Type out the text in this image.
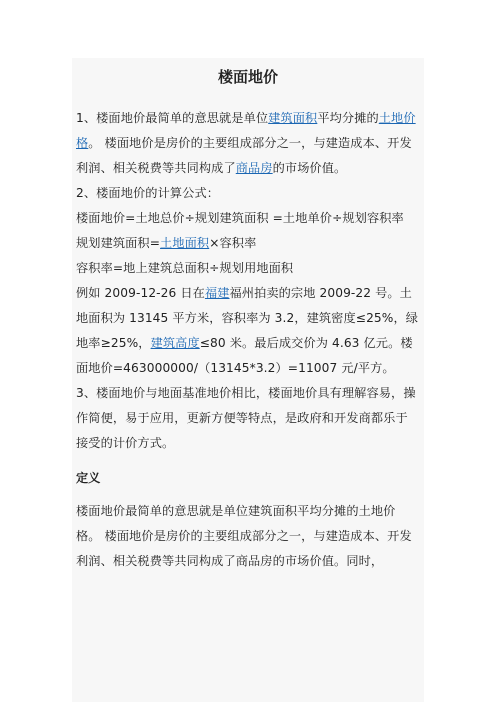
楼面地价

1、楼面地价最简单的意思就是单位建筑面积平均分摊的土地价格。 楼面地价是房价的主要组成部分之一，与建造成本、开发利润、相关税费等共同构成了商品房的市场价值。

2、楼面地价的计算公式：

楼面地价=土地总价÷规划建筑面积 =土地单价÷规划容积率

规划建筑面积=土地面积×容积率

容积率=地上建筑总面积÷规划用地面积

例如 2009-12-26 日在福建福州拍卖的宗地 2009-22 号。土地面积为 13145 平方米，容积率为 3.2，建筑密度≤25%，绿地率≥25%，建筑高度≤80 米。最后成交价为 4.63 亿元。楼面地价=463000000/（13145*3.2）=11007 元/平方。

3、楼面地价与地面基准地价相比，楼面地价具有理解容易，操作简便，易于应用，更新方便等特点，是政府和开发商都乐于接受的计价方式。

定义

楼面地价最简单的意思就是单位建筑面积平均分摊的土地价格。 楼面地价是房价的主要组成部分之一，与建造成本、开发利润、相关税费等共同构成了商品房的市场价值。同时，
